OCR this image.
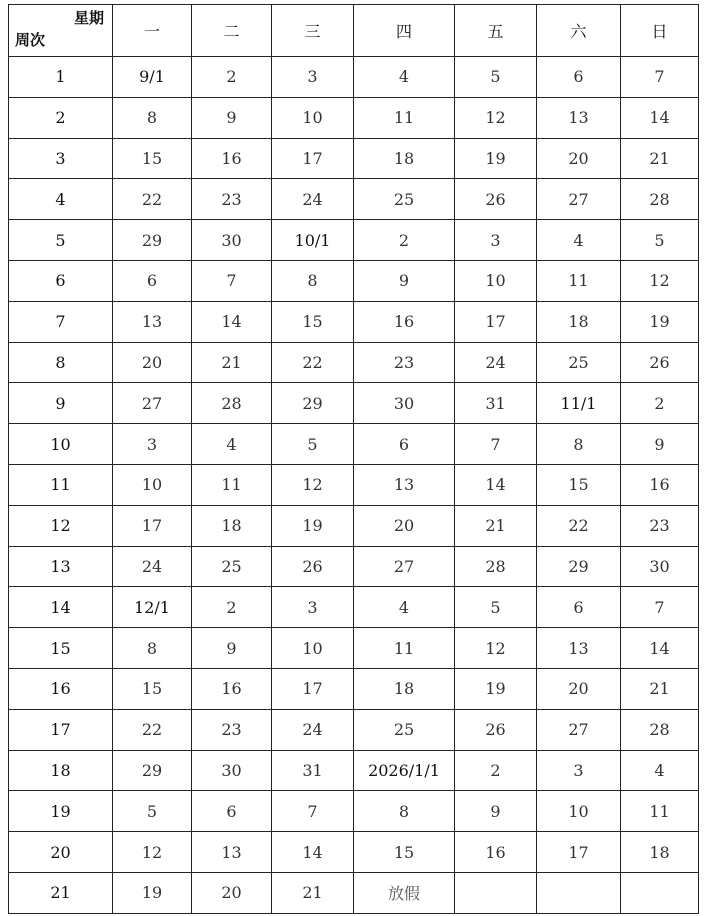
星期
周次	一	二	三	四	五	六	日
1	9/1	2	3	4	5	6	7
2	8	9	10	11	12	13	14
3	15	16	17	18	19	20	21
4	22	23	24	25	26	27	28
5	29	30	10/1	2	3	4	5
6	6	7	8	9	10	11	12
7	13	14	15	16	17	18	19
8	20	21	22	23	24	25	26
9	27	28	29	30	31	11/1	2
10	3	4	5	6	7	8	9
11	10	11	12	13	14	15	16
12	17	18	19	20	21	22	23
13	24	25	26	27	28	29	30
14	12/1	2	3	4	5	6	7
15	8	9	10	11	12	13	14
16	15	16	17	18	19	20	21
17	22	23	24	25	26	27	28
18	29	30	31	2026/1/1	2	3	4
19	5	6	7	8	9	10	11
20	12	13	14	15	16	17	18
21	19	20	21	放假			
